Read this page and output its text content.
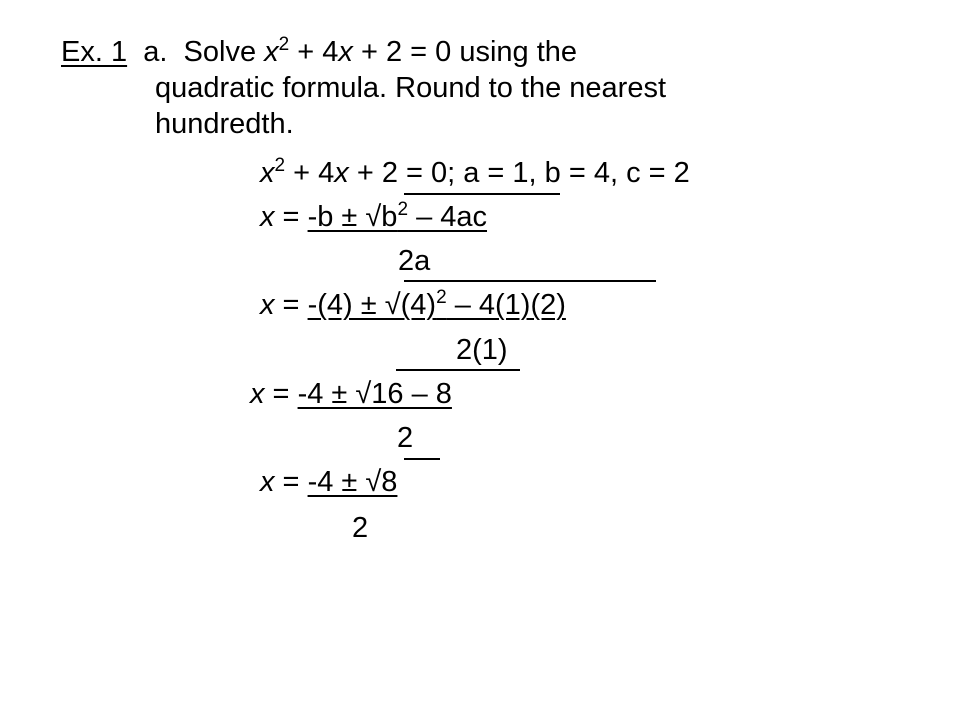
Ex. 1 a. Solve $x^2 + 4x + 2 = 0$ using the
quadratic formula. Round to the nearest
hundredth.
$x^2 + 4x + 2 = 0$; a = 1, b = 4, c = 2
$x = -b \pm √b^2 - 4ac$
2a
$x = -(4) \pm √(4)^2 - 4(1)(2)$
2(1)
x = -4 ± √16 – 8
2
x = -4 ± √8
2
